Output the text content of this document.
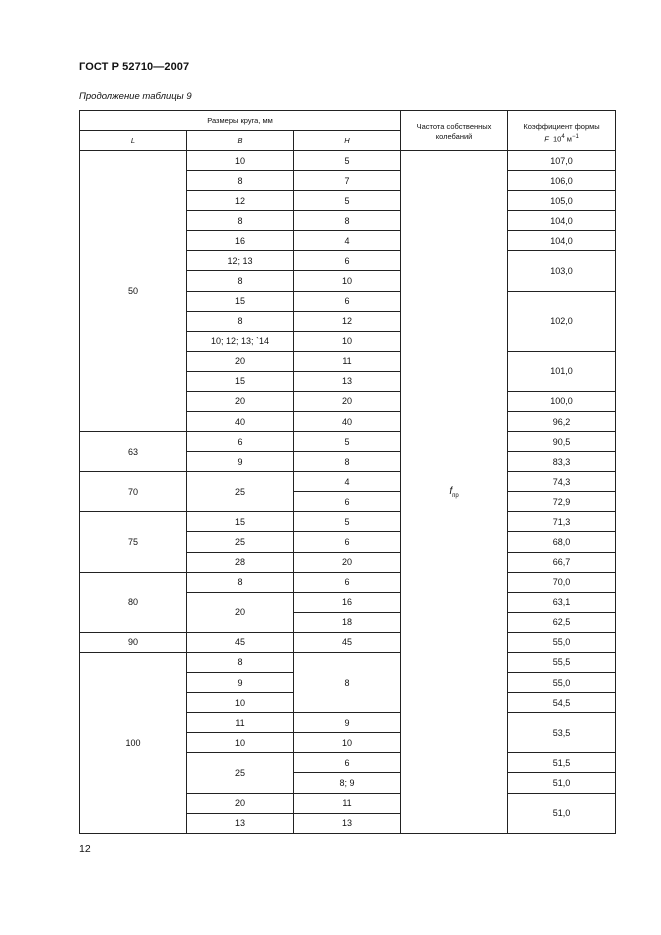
ГОСТ Р 52710—2007
Продолжение таблицы 9
Размеры круга, мм			Частота собственных колебаний	Коэффициент формы
F $10^4$ $м^{-1}$
L	B	H		
50	10	5	$f_{пр}$	107,0
	8	7		106,0
	12	5		105,0
	8	8		104,0
	16	4		104,0
	12; 13	6		103,0
	8	10		
	15	6		102,0
	8	12		
	10; 12; 13; `14	10		
	20	11		101,0
	15	13		
	20	20		100,0
	40	40		96,2
63	6	5		90,5
	9	8		83,3
70	25	4		74,3
		6		72,9
75	15	5		71,3
	25	6		68,0
	28	20		66,7
80	8	6		70,0
	20	16		63,1
		18		62,5
90	45	45		55,0
100	8	8		55,5
	9			55,0
	10			54,5
	11	9		53,5
	10	10		
	25	6		51,5
		8; 9		51,0
	20	11		51,0
	13	13		
12
